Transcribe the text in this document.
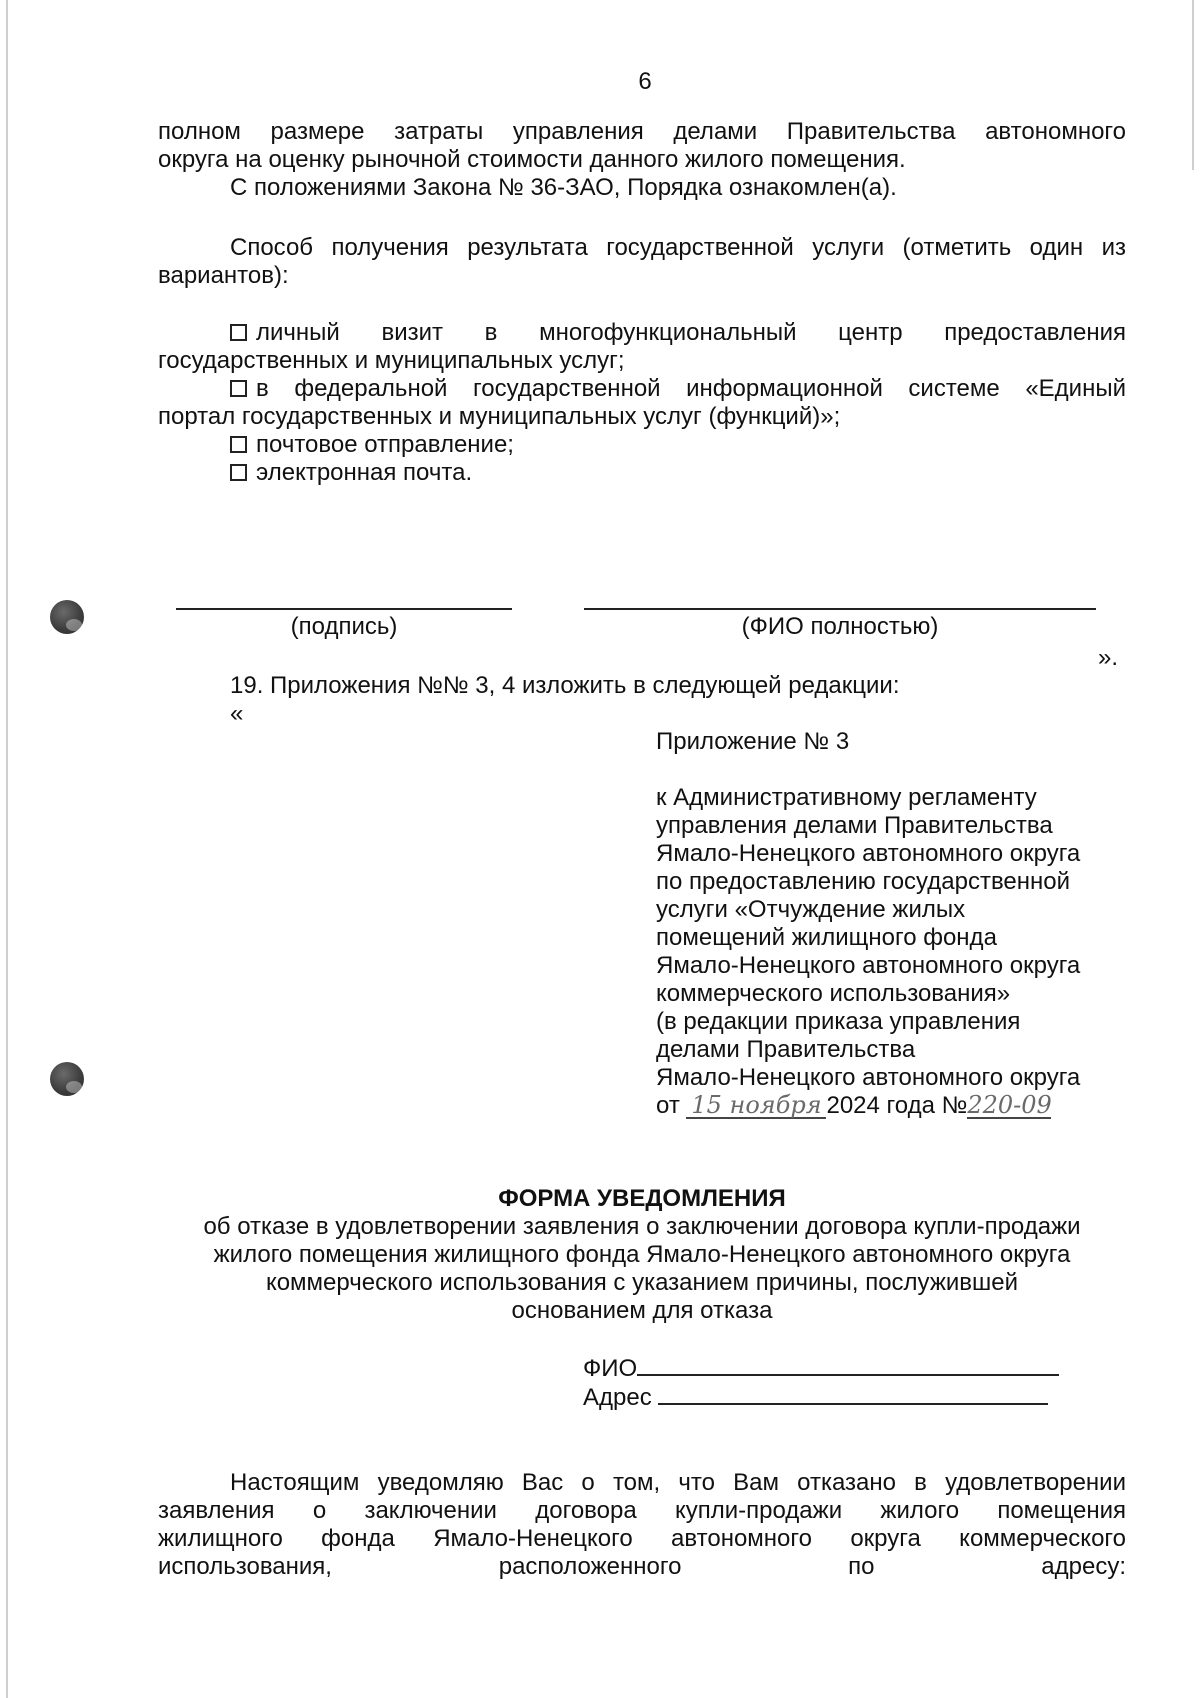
6
полном размере затраты управления делами Правительства автономного
округа на оценку рыночной стоимости данного жилого помещения.
С положениями Закона № 36-ЗАО, Порядка ознакомлен(а).
Способ получения результата государственной услуги (отметить один из
вариантов):
личный визит в многофункциональный центр предоставления
государственных и муниципальных услуг;
в федеральной государственной информационной системе «Единый
портал государственных и муниципальных услуг (функций)»;
почтовое отправление;
электронная почта.
(подпись)	(ФИО полностью)
».
19. Приложения №№ 3, 4 изложить в следующей редакции:
«
Приложение № 3
к Административному регламенту
управления делами Правительства
Ямало-Ненецкого автономного округа
по предоставлению государственной
услуги «Отчуждение жилых
помещений жилищного фонда
Ямало-Ненецкого автономного округа
коммерческого использования»
(в редакции приказа управления
делами Правительства
Ямало-Ненецкого автономного округа
от 15 ноября 2024 года №220-09
ФОРМА УВЕДОМЛЕНИЯ
об отказе в удовлетворении заявления о заключении договора купли-продажи
жилого помещения жилищного фонда Ямало-Ненецкого автономного округа
коммерческого использования с указанием причины, послужившей
основанием для отказа
ФИО
Адрес
Настоящим уведомляю Вас о том, что Вам отказано в удовлетворении
заявления о заключении договора купли-продажи жилого помещения
жилищного фонда Ямало-Ненецкого автономного округа коммерческого
использования, расположенного по адресу:
